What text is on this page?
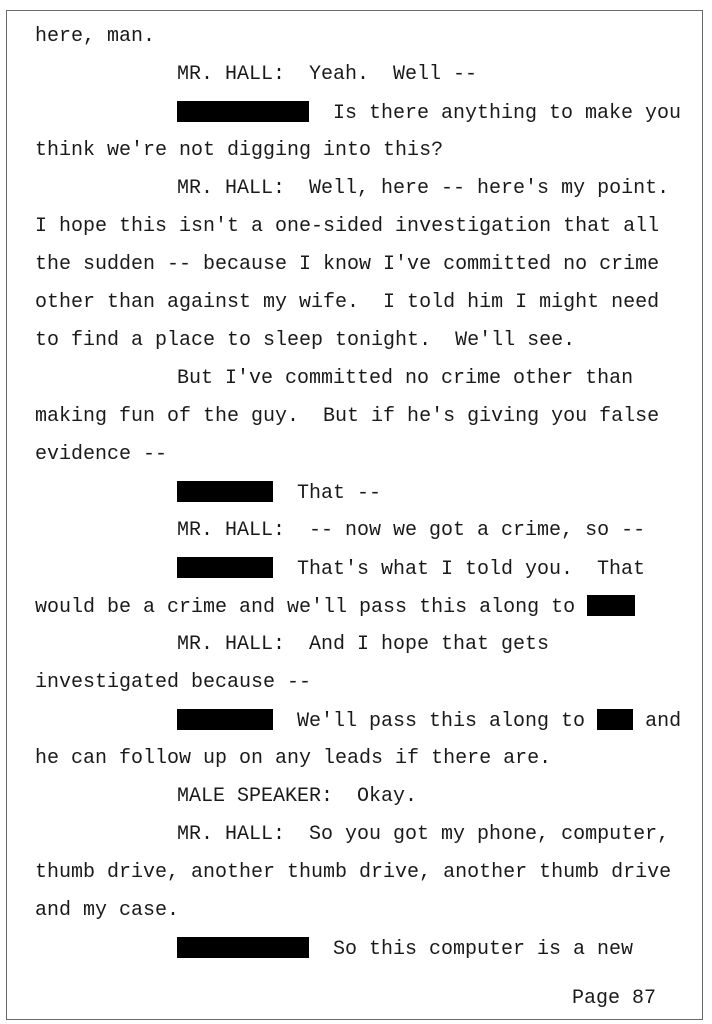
here, man.
MR. HALL:  Yeah.  Well --
Is there anything to make you
think we're not digging into this?
MR. HALL:  Well, here -- here's my point.
I hope this isn't a one-sided investigation that all
the sudden -- because I know I've committed no crime
other than against my wife.  I told him I might need
to find a place to sleep tonight.  We'll see.
But I've committed no crime other than
making fun of the guy.  But if he's giving you false
evidence --
That --
MR. HALL:  -- now we got a crime, so --
That's what I told you.  That
would be a crime and we'll pass this along to
MR. HALL:  And I hope that gets
investigated because --
We'll pass this along to  and
he can follow up on any leads if there are.
MALE SPEAKER:  Okay.
MR. HALL:  So you got my phone, computer,
thumb drive, another thumb drive, another thumb drive
and my case.
So this computer is a new
Page 87
